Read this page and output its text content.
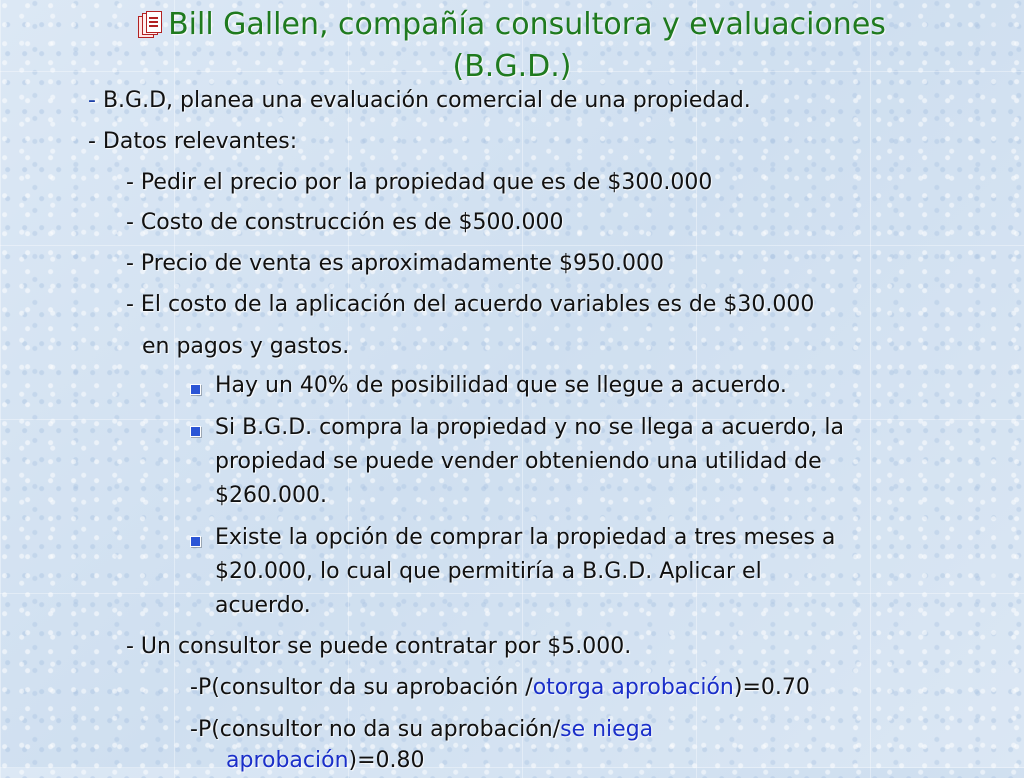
Bill Gallen, compañía consultora y evaluaciones
(B.G.D.)
- B.G.D, planea una evaluación comercial de una propiedad.
- Datos relevantes:
- Pedir el precio por la propiedad que es de $300.000
- Costo de construcción es de $500.000
- Precio de venta es aproximadamente $950.000
- El costo de la aplicación del acuerdo variables es de $30.000
en pagos y gastos.
Hay un 40% de posibilidad que se llegue a acuerdo.
Si B.G.D. compra la propiedad y no se llega a acuerdo, la
propiedad se puede vender obteniendo una utilidad de
$260.000.
Existe la opción de comprar la propiedad a tres meses a
$20.000, lo cual que permitiría a B.G.D. Aplicar el
acuerdo.
- Un consultor se puede contratar por $5.000.
-P(consultor da su aprobación /otorga aprobación)=0.70
-P(consultor no da su aprobación/se niega
aprobación)=0.80
